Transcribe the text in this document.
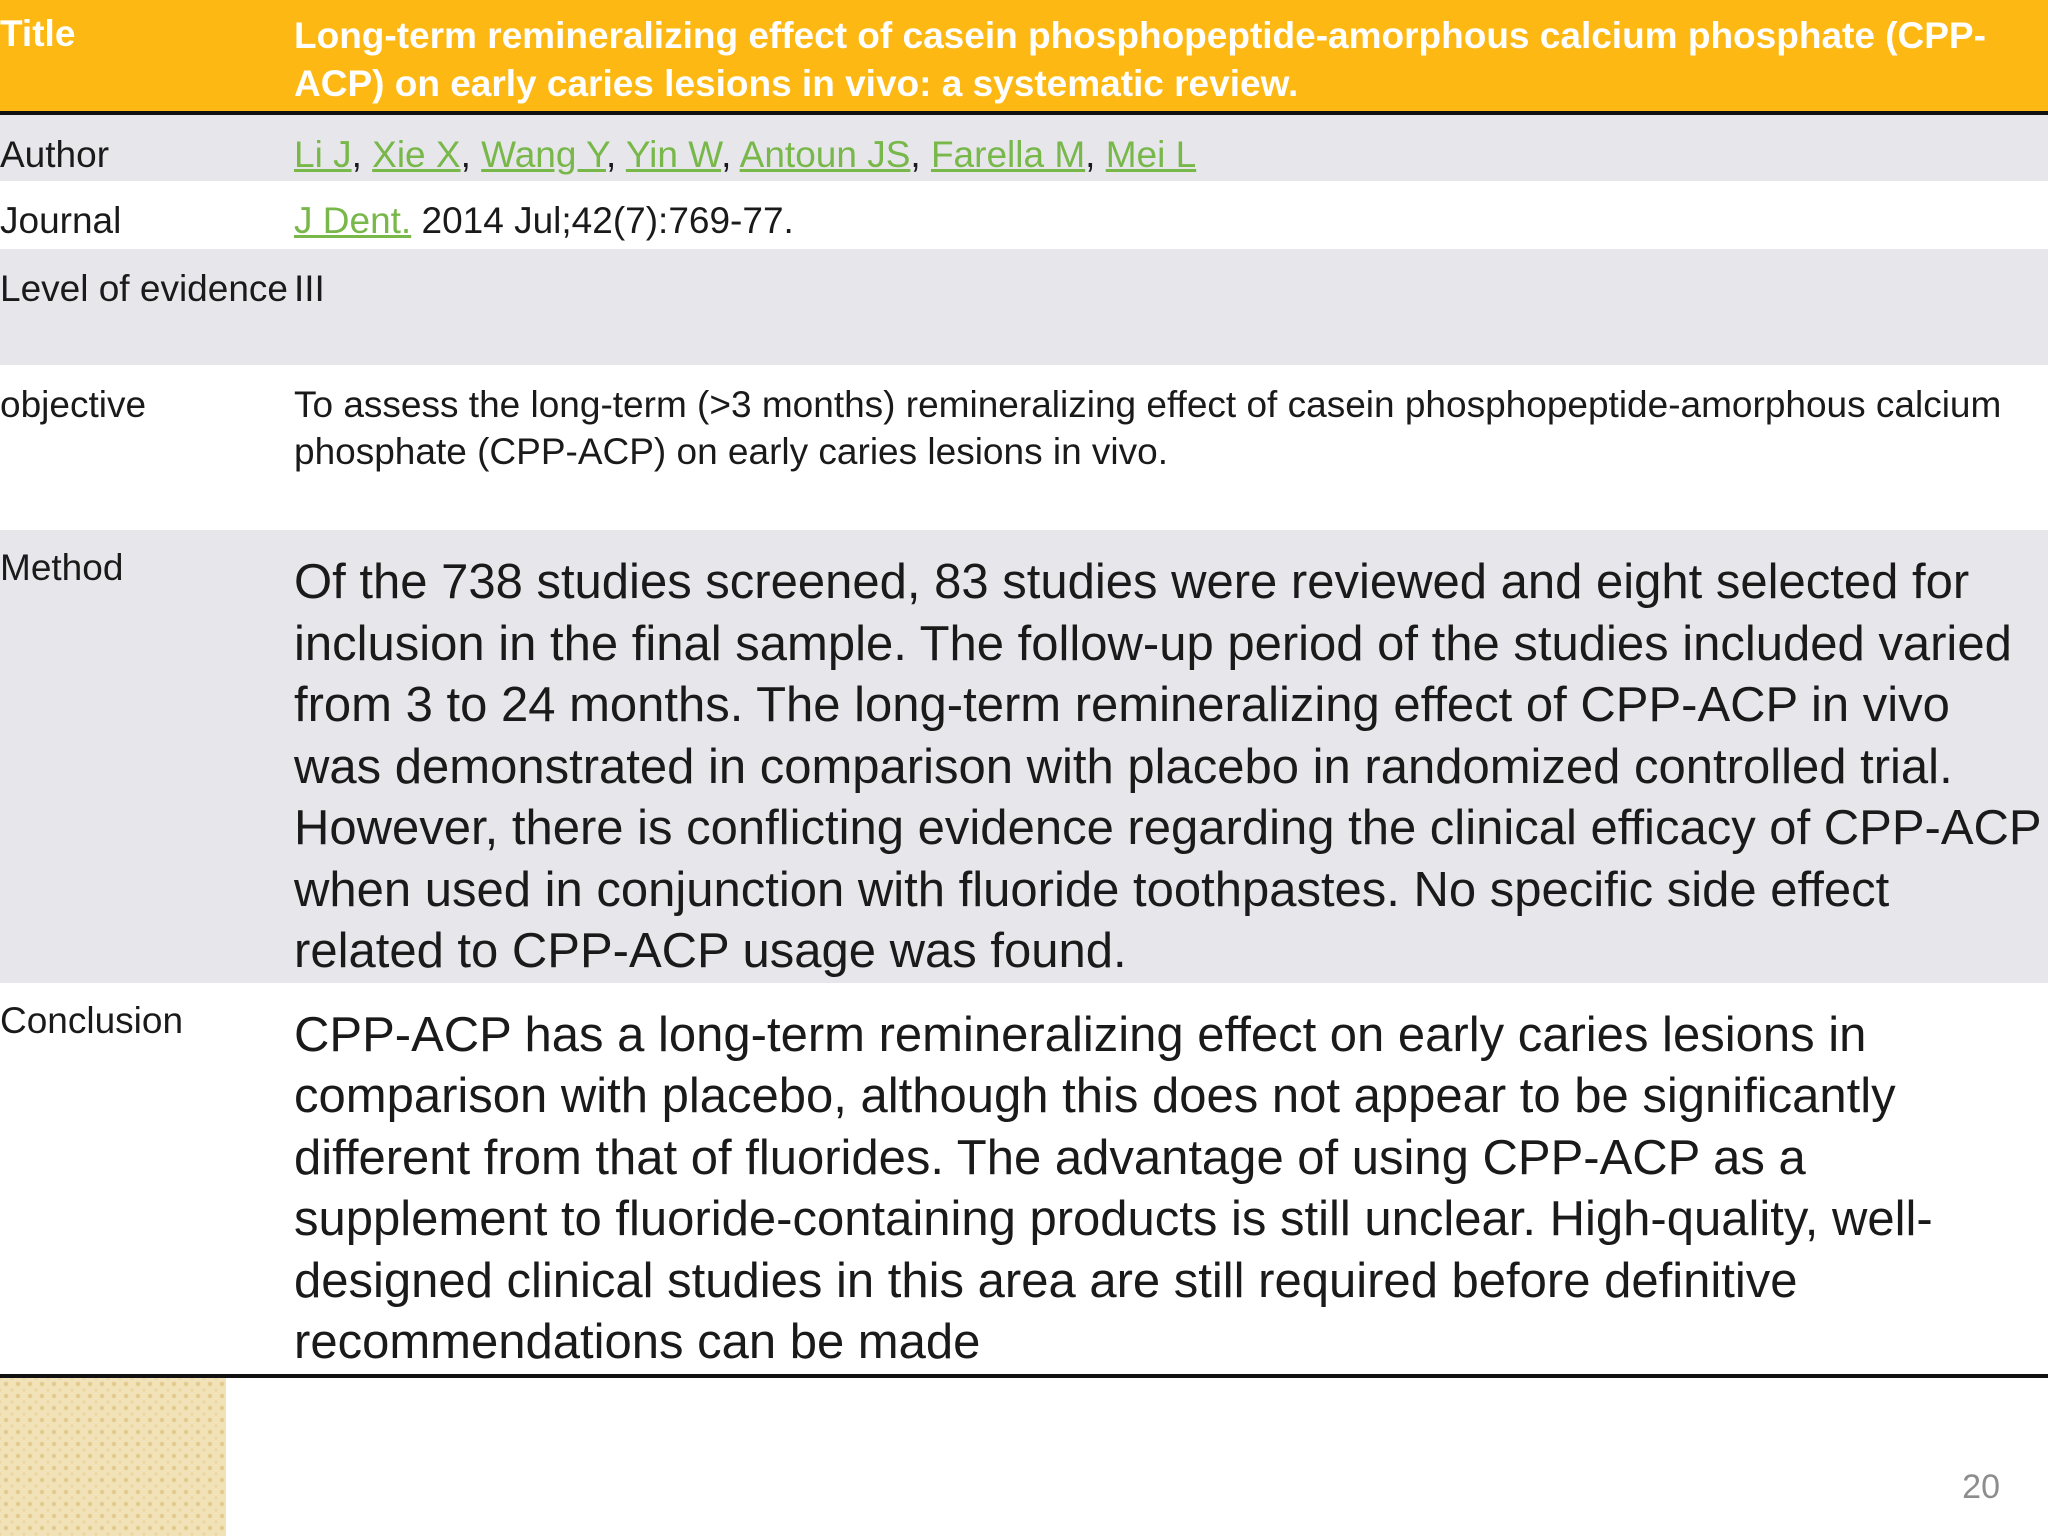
Title	Long-term remineralizing effect of casein phosphopeptide-amorphous calcium phosphate (CPP-ACP) on early caries lesions in vivo: a systematic review.

Author	Li J, Xie X, Wang Y, Yin W, Antoun JS, Farella M, Mei L

Journal	J Dent. 2014 Jul;42(7):769-77.

Level of evidence	III

objective	To assess the long-term (>3 months) remineralizing effect of casein phosphopeptide-amorphous calcium phosphate (CPP-ACP) on early caries lesions in vivo.

Method	Of the 738 studies screened, 83 studies were reviewed and eight selected for inclusion in the final sample. The follow-up period of the studies included varied from 3 to 24 months. The long-term remineralizing effect of CPP-ACP in vivo was demonstrated in comparison with placebo in randomized controlled trial. However, there is conflicting evidence regarding the clinical efficacy of CPP-ACP when used in conjunction with fluoride toothpastes. No specific side effect related to CPP-ACP usage was found.

Conclusion	CPP-ACP has a long-term remineralizing effect on early caries lesions in comparison with placebo, although this does not appear to be significantly different from that of fluorides. The advantage of using CPP-ACP as a supplement to fluoride-containing products is still unclear. High-quality, well-designed clinical studies in this area are still required before definitive recommendations can be made
20
